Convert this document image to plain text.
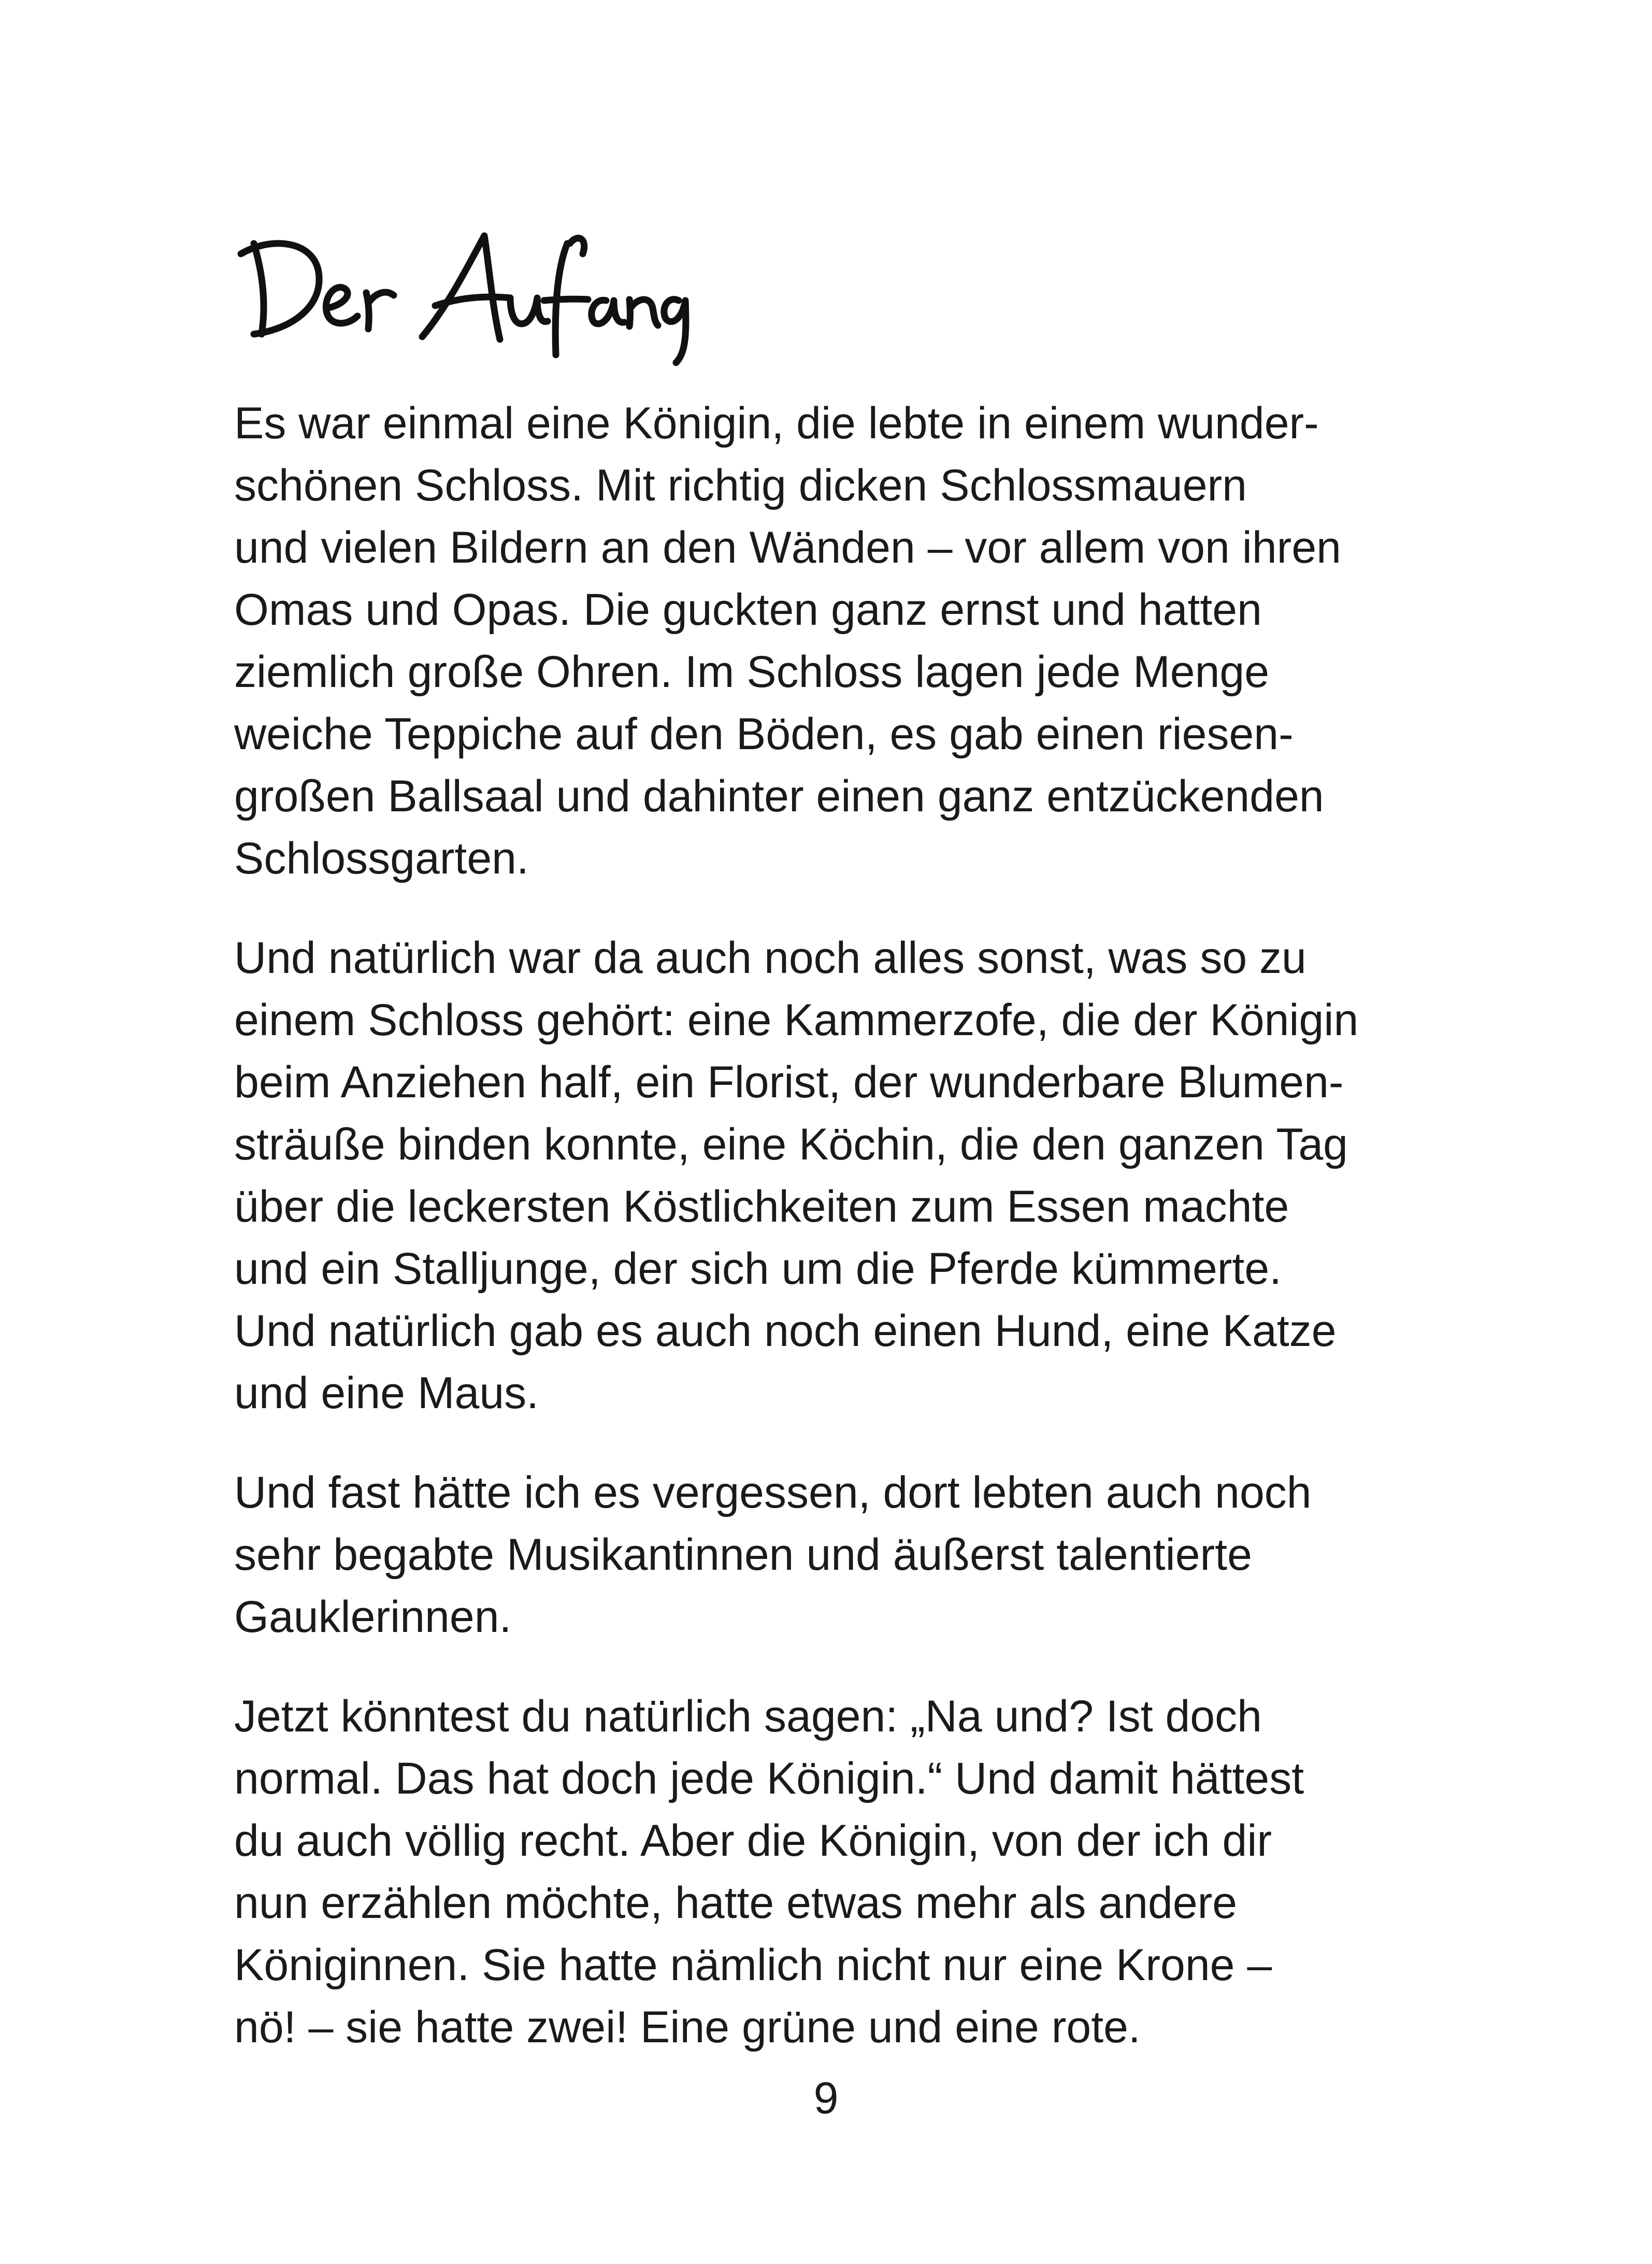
Es war einmal eine Königin, die lebte in einem wunder-
schönen Schloss. Mit richtig dicken Schlossmauern
und vielen Bildern an den Wänden – vor allem von ihren
Omas und Opas. Die guckten ganz ernst und hatten
ziemlich große Ohren. Im Schloss lagen jede Menge
weiche Teppiche auf den Böden, es gab einen riesen-
großen Ballsaal und dahinter einen ganz entzückenden
Schlossgarten.

Und natürlich war da auch noch alles sonst, was so zu
einem Schloss gehört: eine Kammerzofe, die der Königin
beim Anziehen half, ein Florist, der wunderbare Blumen-
sträuße binden konnte, eine Köchin, die den ganzen Tag
über die leckersten Köstlichkeiten zum Essen machte
und ein Stalljunge, der sich um die Pferde kümmerte.
Und natürlich gab es auch noch einen Hund, eine Katze
und eine Maus.

Und fast hätte ich es vergessen, dort lebten auch noch
sehr begabte Musikantinnen und äußerst talentierte
Gauklerinnen.

Jetzt könntest du natürlich sagen: „Na und? Ist doch
normal. Das hat doch jede Königin.“ Und damit hättest
du auch völlig recht. Aber die Königin, von der ich dir
nun erzählen möchte, hatte etwas mehr als andere
Königinnen. Sie hatte nämlich nicht nur eine Krone –
nö! – sie hatte zwei! Eine grüne und eine rote.

9
